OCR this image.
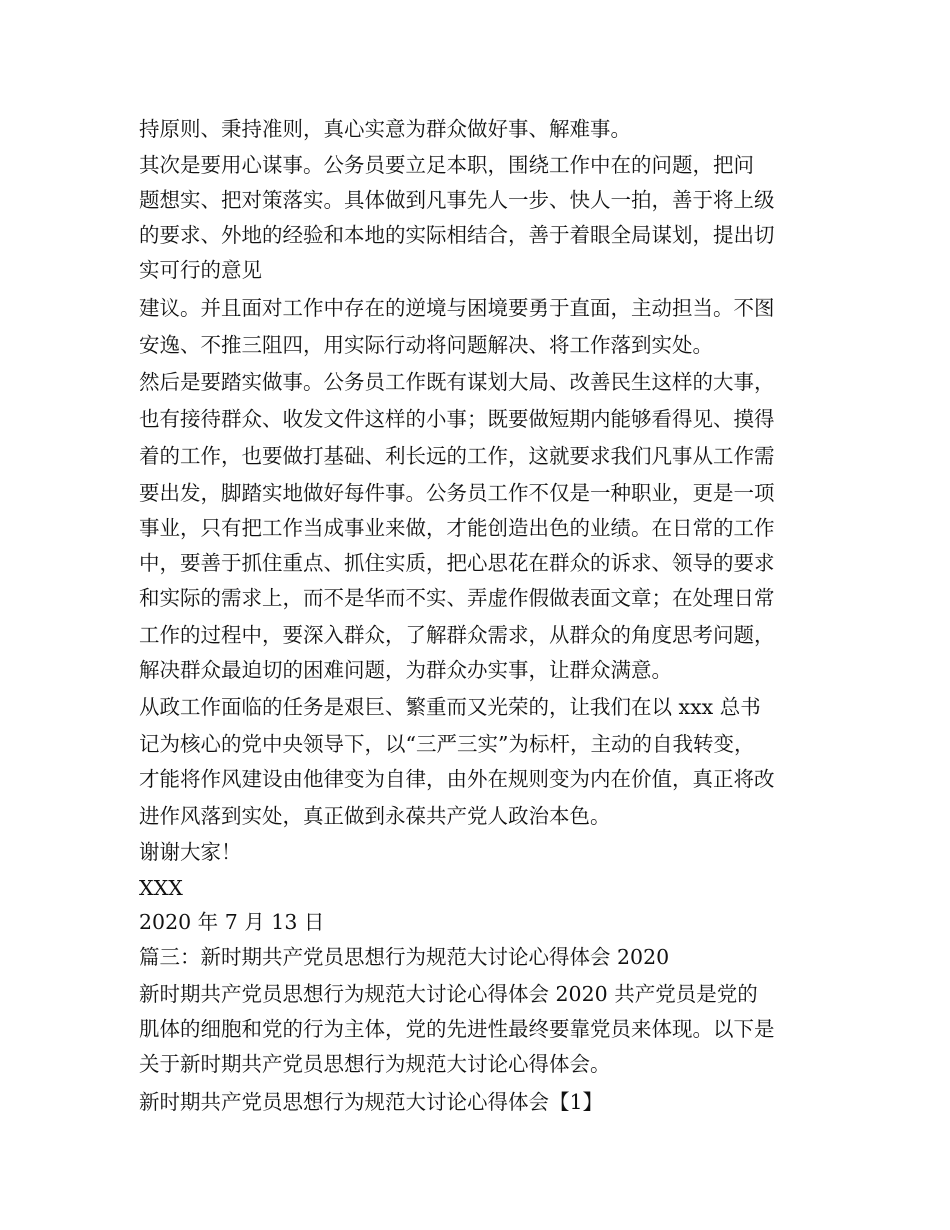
持原则、秉持准则，真心实意为群众做好事、解难事。

其次是要用心谋事。公务员要立足本职，围绕工作中在的问题，把问

题想实、把对策落实。具体做到凡事先人一步、快人一拍，善于将上级

的要求、外地的经验和本地的实际相结合，善于着眼全局谋划，提出切

实可行的意见

建议。并且面对工作中存在的逆境与困境要勇于直面，主动担当。不图

安逸、不推三阻四，用实际行动将问题解决、将工作落到实处。

然后是要踏实做事。公务员工作既有谋划大局、改善民生这样的大事，

也有接待群众、收发文件这样的小事；既要做短期内能够看得见、摸得

着的工作，也要做打基础、利长远的工作，这就要求我们凡事从工作需

要出发，脚踏实地做好每件事。公务员工作不仅是一种职业，更是一项

事业，只有把工作当成事业来做，才能创造出色的业绩。在日常的工作

中，要善于抓住重点、抓住实质，把心思花在群众的诉求、领导的要求

和实际的需求上，而不是华而不实、弄虚作假做表面文章；在处理日常

工作的过程中，要深入群众，了解群众需求，从群众的角度思考问题，

解决群众最迫切的困难问题，为群众办实事，让群众满意。

从政工作面临的任务是艰巨、繁重而又光荣的，让我们在以 xxx 总书

记为核心的党中央领导下，以“三严三实”为标杆，主动的自我转变，

才能将作风建设由他律变为自律，由外在规则变为内在价值，真正将改

进作风落到实处，真正做到永葆共产党人政治本色。

谢谢大家！

XXX

2020 年 7 月 13 日

篇三：新时期共产党员思想行为规范大讨论心得体会 2020

新时期共产党员思想行为规范大讨论心得体会 2020 共产党员是党的

肌体的细胞和党的行为主体，党的先进性最终要靠党员来体现。以下是

关于新时期共产党员思想行为规范大讨论心得体会。

新时期共产党员思想行为规范大讨论心得体会【1】
